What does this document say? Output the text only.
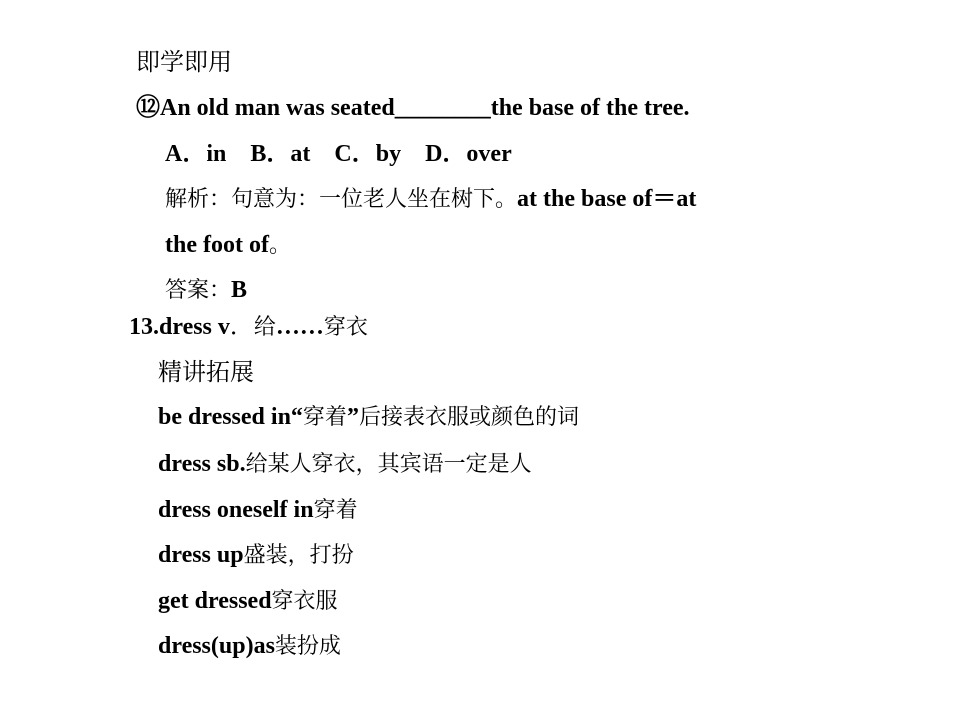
即学即用
⑫An old man was seated________the base of the tree.
A．in B．at C．by D．over
解析：句意为：一位老人坐在树下。at the base of＝at
the foot of。
答案：B
13.dress v．给……穿衣
精讲拓展
be dressed in“穿着”后接表衣服或颜色的词
dress sb.给某人穿衣，其宾语一定是人
dress oneself in穿着
dress up盛装，打扮
get dressed穿衣服
dress(up)as装扮成
